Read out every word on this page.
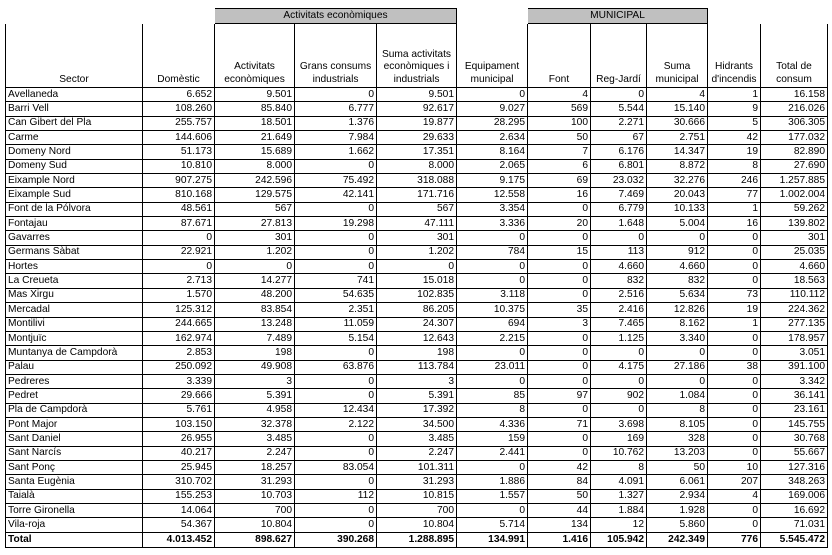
		Activitats econòmiques				MUNICIPAL				
Sector	Domèstic	Activitats econòmiques	Grans consums industrials	Suma activitats econòmiques i industrials	Equipament municipal	Font	Reg-Jardí	Suma municipal	Hidrants d'incendis	Total de consum
Avellaneda	6.652	9.501	0	9.501	0	4	0	4	1	16.158
Barri Vell	108.260	85.840	6.777	92.617	9.027	569	5.544	15.140	9	216.026
Can Gibert del Pla	255.757	18.501	1.376	19.877	28.295	100	2.271	30.666	5	306.305
Carme	144.606	21.649	7.984	29.633	2.634	50	67	2.751	42	177.032
Domeny Nord	51.173	15.689	1.662	17.351	8.164	7	6.176	14.347	19	82.890
Domeny Sud	10.810	8.000	0	8.000	2.065	6	6.801	8.872	8	27.690
Eixample Nord	907.275	242.596	75.492	318.088	9.175	69	23.032	32.276	246	1.257.885
Eixample Sud	810.168	129.575	42.141	171.716	12.558	16	7.469	20.043	77	1.002.004
Font de la Pólvora	48.561	567	0	567	3.354	0	6.779	10.133	1	59.262
Fontajau	87.671	27.813	19.298	47.111	3.336	20	1.648	5.004	16	139.802
Gavarres	0	301	0	301	0	0	0	0	0	301
Germans Sàbat	22.921	1.202	0	1.202	784	15	113	912	0	25.035
Hortes	0	0	0	0	0	0	4.660	4.660	0	4.660
La Creueta	2.713	14.277	741	15.018	0	0	832	832	0	18.563
Mas Xirgu	1.570	48.200	54.635	102.835	3.118	0	2.516	5.634	73	110.112
Mercadal	125.312	83.854	2.351	86.205	10.375	35	2.416	12.826	19	224.362
Montilivi	244.665	13.248	11.059	24.307	694	3	7.465	8.162	1	277.135
Montjuïc	162.974	7.489	5.154	12.643	2.215	0	1.125	3.340	0	178.957
Muntanya de Campdorà	2.853	198	0	198	0	0	0	0	0	3.051
Palau	250.092	49.908	63.876	113.784	23.011	0	4.175	27.186	38	391.100
Pedreres	3.339	3	0	3	0	0	0	0	0	3.342
Pedret	29.666	5.391	0	5.391	85	97	902	1.084	0	36.141
Pla de Campdorà	5.761	4.958	12.434	17.392	8	0	0	8	0	23.161
Pont Major	103.150	32.378	2.122	34.500	4.336	71	3.698	8.105	0	145.755
Sant Daniel	26.955	3.485	0	3.485	159	0	169	328	0	30.768
Sant Narcís	40.217	2.247	0	2.247	2.441	0	10.762	13.203	0	55.667
Sant Ponç	25.945	18.257	83.054	101.311	0	42	8	50	10	127.316
Santa Eugènia	310.702	31.293	0	31.293	1.886	84	4.091	6.061	207	348.263
Taialà	155.253	10.703	112	10.815	1.557	50	1.327	2.934	4	169.006
Torre Gironella	14.064	700	0	700	0	44	1.884	1.928	0	16.692
Vila-roja	54.367	10.804	0	10.804	5.714	134	12	5.860	0	71.031
Total	4.013.452	898.627	390.268	1.288.895	134.991	1.416	105.942	242.349	776	5.545.472
